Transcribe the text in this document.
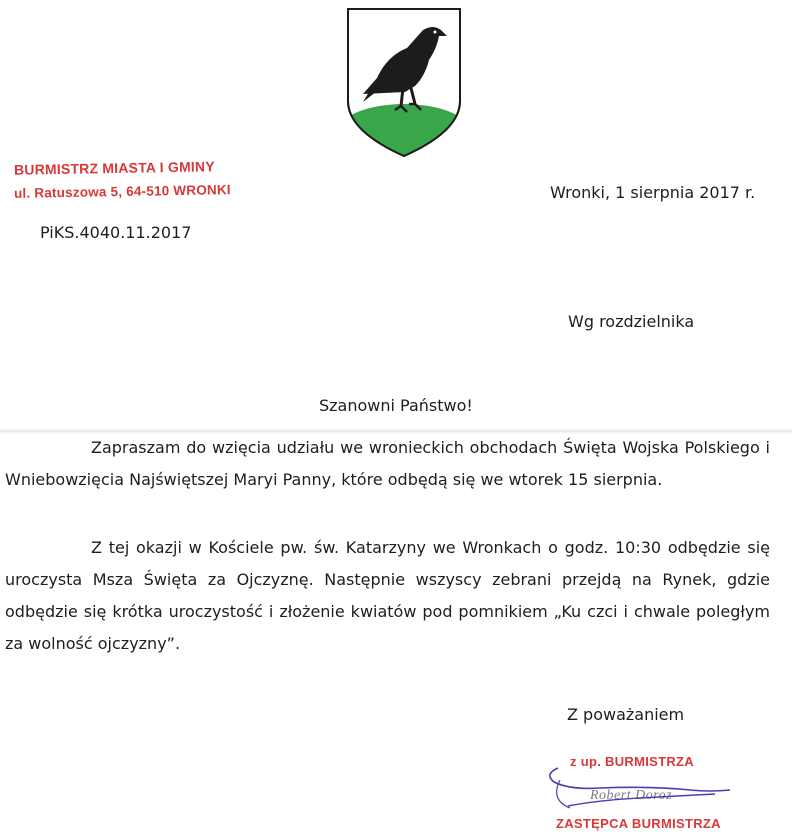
BURMISTRZ MIASTA I GMINY
ul. Ratuszowa 5, 64-510 WRONKI	Wronki, 1 sierpnia 2017 r.
PiKS.4040.11.2017
Wg rozdzielnika
Szanowni Państwo!

Zapraszam do wzięcia udziału we wronieckich obchodach Święta Wojska Polskiego i Wniebowzięcia Najświętszej Maryi Panny, które odbędą się we wtorek 15 sierpnia.

Z tej okazji w Kościele pw. św. Katarzyny we Wronkach o godz. 10:30 odbędzie się uroczysta Msza Święta za Ojczyznę. Następnie wszyscy zebrani przejdą na Rynek, gdzie odbędzie się krótka uroczystość i złożenie kwiatów pod pomnikiem „Ku czci i chwale poległym za wolność ojczyzny”.

Z poważaniem
z up. BURMISTRZA
Robert Doroz
ZASTĘPCA BURMISTRZA
